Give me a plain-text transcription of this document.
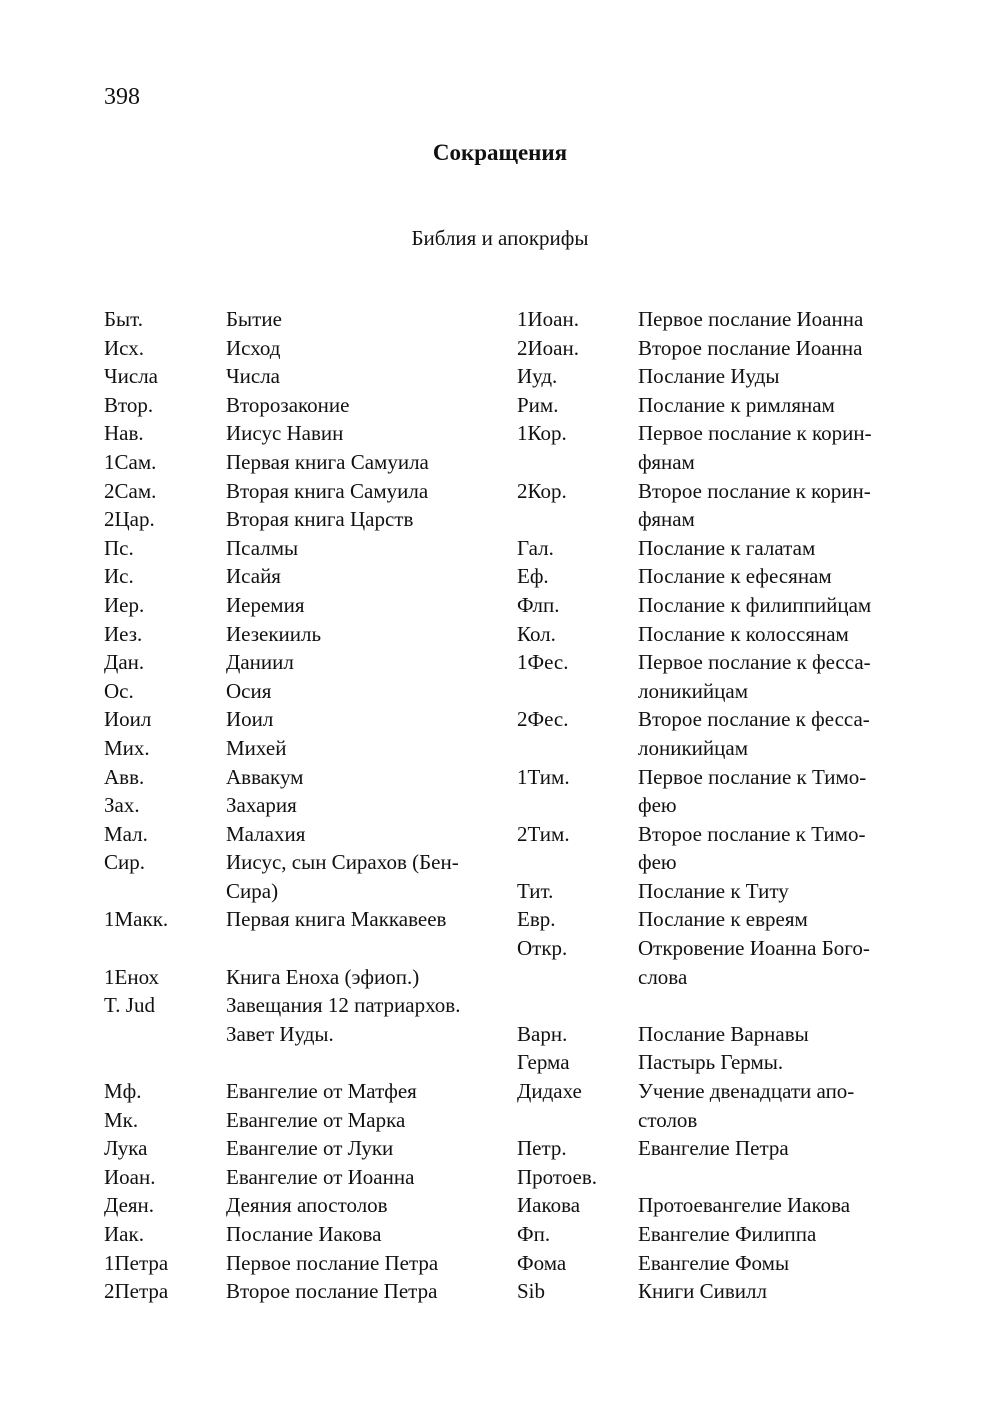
398
Сокращения
Библия и апокрифы
Быт.
Исх.
Числа
Втор.
Нав.
1Сам.
2Сам.
2Цар.
Пс.
Ис.
Иер.
Иез.
Дан.
Ос.
Иоил
Мих.
Авв.
Зах.
Мал.
Сир.
1Макк.
1Енох
T. Jud
Мф.
Мк.
Лука
Иоан.
Деян.
Иак.
1Петра
2Петра
Бытие
Исход
Числа
Второзаконие
Иисус Навин
Первая книга Самуила
Вторая книга Самуила
Вторая книга Царств
Псалмы
Исайя
Иеремия
Иезекииль
Даниил
Осия
Иоил
Михей
Аввакум
Захария
Малахия
Иисус, сын Сирахов (Бен-
Сира)
Первая книга Маккавеев
Книга Еноха (эфиоп.)
Завещания 12 патриархов.
Завет Иуды.
Евангелие от Матфея
Евангелие от Марка
Евангелие от Луки
Евангелие от Иоанна
Деяния апостолов
Послание Иакова
Первое послание Петра
Второе послание Петра
1Иоан.
2Иоан.
Иуд.
Рим.
1Кор.
2Кор.
Гал.
Еф.
Флп.
Кол.
1Фес.
2Фес.
1Тим.
2Тим.
Тит.
Евр.
Откр.
Варн.
Герма
Дидахе
Петр.
Протоев.
Иакова
Фп.
Фома
Sib
Первое послание Иоанна
Второе послание Иоанна
Послание Иуды
Послание к римлянам
Первое послание к корин-
фянам
Второе послание к корин-
фянам
Послание к галатам
Послание к ефесянам
Послание к филиппийцам
Послание к колоссянам
Первое послание к фесса-
лоникийцам
Второе послание к фесса-
лоникийцам
Первое послание к Тимо-
фею
Второе послание к Тимо-
фею
Послание к Титу
Послание к евреям
Откровение Иоанна Бого-
слова
Послание Варнавы
Пастырь Гермы.
Учение двенадцати апо-
столов
Евангелие Петра
Протоевангелие Иакова
Евангелие Филиппа
Евангелие Фомы
Книги Сивилл
